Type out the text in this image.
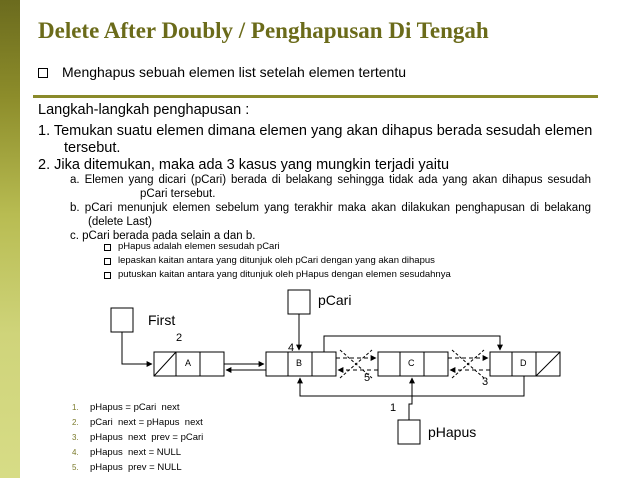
Delete After Doubly / Penghapusan Di Tengah
Menghapus sebuah elemen list setelah elemen tertentu
Langkah-langkah penghapusan :
1. Temukan suatu elemen dimana elemen yang akan dihapus berada sesudah elemen
tersebut.
2. Jika ditemukan, maka ada 3 kasus yang mungkin terjadi yaitu
a. Elemen yang dicari (pCari) berada di belakang sehingga tidak ada yang akan dihapus sesudah
pCari tersebut.
b. pCari menunjuk elemen sebelum yang terakhir maka akan dilakukan penghapusan di belakang
(delete Last)
c. pCari berada pada selain a dan b.
pHapus adalah elemen sesudah pCari
lepaskan kaitan antara yang ditunjuk oleh pCari dengan yang akan dihapus
putuskan kaitan antara yang ditunjuk oleh pHapus dengan elemen sesudahnya
First
pCari
pHapus
A	B	C	D
2
4
5	3
1
1. pHapus = pCari  next
2. pCari  next = pHapus  next
3. pHapus  next  prev = pCari
4. pHapus  next = NULL
5. pHapus  prev = NULL
